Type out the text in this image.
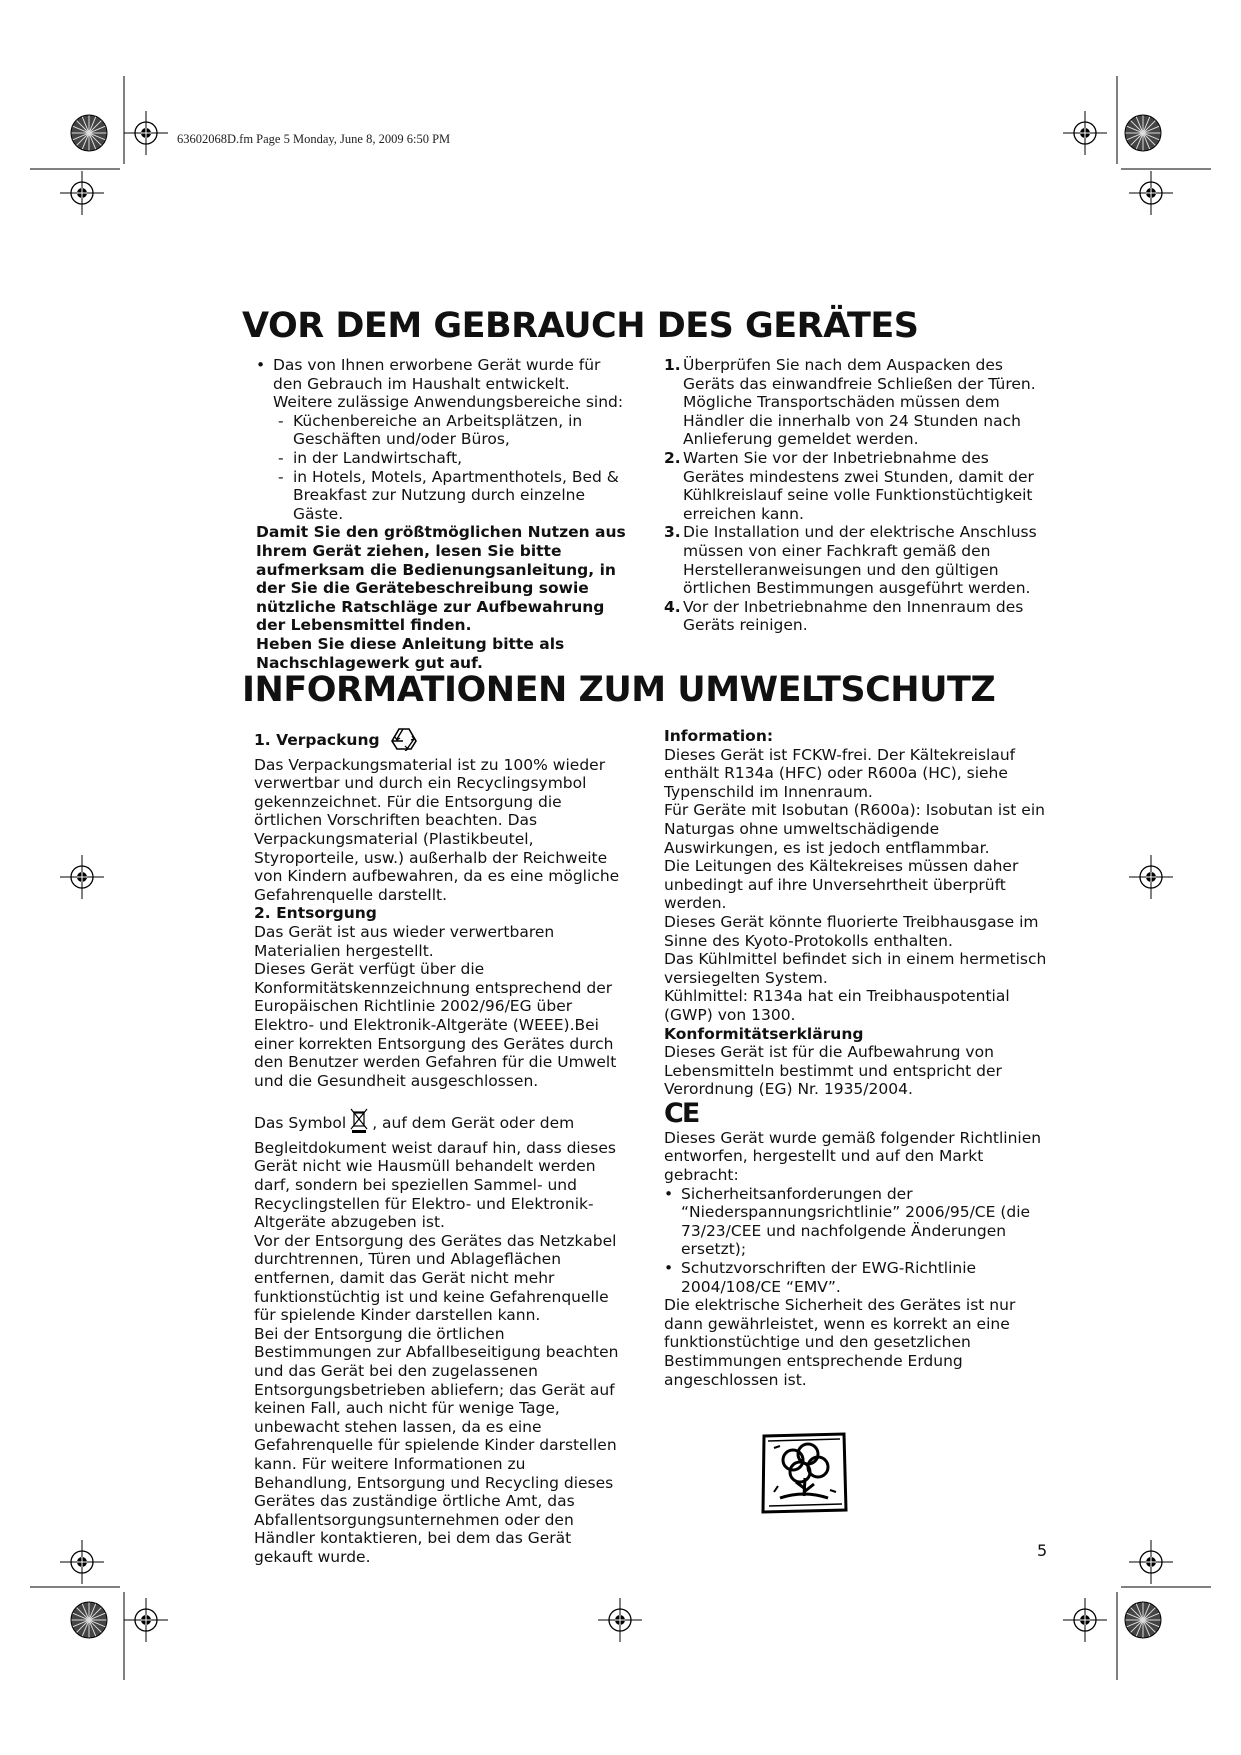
63602068D.fm Page 5 Monday, June 8, 2009 6:50 PM
VOR DEM GEBRAUCH DES GERÄTES

• Das von Ihnen erworbene Gerät wurde für den Gebrauch im Haushalt entwickelt. Weitere zulässige Anwendungsbereiche sind:

- Küchenbereiche an Arbeitsplätzen, in Geschäften und/oder Büros,

- in der Landwirtschaft,

- in Hotels, Motels, Apartmenthotels, Bed & Breakfast zur Nutzung durch einzelne Gäste.

Damit Sie den größtmöglichen Nutzen aus Ihrem Gerät ziehen, lesen Sie bitte aufmerksam die Bedienungsanleitung, in der Sie die Gerätebeschreibung sowie nützliche Ratschläge zur Aufbewahrung der Lebensmittel finden.

Heben Sie diese Anleitung bitte als Nachschlagewerk gut auf.

1. Überprüfen Sie nach dem Auspacken des Geräts das einwandfreie Schließen der Türen. Mögliche Transportschäden müssen dem Händler die innerhalb von 24 Stunden nach Anlieferung gemeldet werden.

2. Warten Sie vor der Inbetriebnahme des Gerätes mindestens zwei Stunden, damit der Kühlkreislauf seine volle Funktionstüchtigkeit erreichen kann.

3. Die Installation und der elektrische Anschluss müssen von einer Fachkraft gemäß den Herstelleranweisungen und den gültigen örtlichen Bestimmungen ausgeführt werden.

4. Vor der Inbetriebnahme den Innenraum des Geräts reinigen.

INFORMATIONEN ZUM UMWELTSCHUTZ

1. Verpackung

Das Verpackungsmaterial ist zu 100% wieder verwertbar und durch ein Recyclingsymbol gekennzeichnet. Für die Entsorgung die örtlichen Vorschriften beachten. Das Verpackungsmaterial (Plastikbeutel, Styroporteile, usw.) außerhalb der Reichweite von Kindern aufbewahren, da es eine mögliche Gefahrenquelle darstellt.

2. Entsorgung

Das Gerät ist aus wieder verwertbaren Materialien hergestellt.

Dieses Gerät verfügt über die Konformitätskennzeichnung entsprechend der Europäischen Richtlinie 2002/96/EG über Elektro- und Elektronik-Altgeräte (WEEE).Bei einer korrekten Entsorgung des Gerätes durch den Benutzer werden Gefahren für die Umwelt und die Gesundheit ausgeschlossen.

Das Symbol , auf dem Gerät oder dem Begleitdokument weist darauf hin, dass dieses Gerät nicht wie Hausmüll behandelt werden darf, sondern bei speziellen Sammel- und Recyclingstellen für Elektro- und Elektronik-Altgeräte abzugeben ist.

Vor der Entsorgung des Gerätes das Netzkabel durchtrennen, Türen und Ablageflächen entfernen, damit das Gerät nicht mehr funktionstüchtig ist und keine Gefahrenquelle für spielende Kinder darstellen kann.

Bei der Entsorgung die örtlichen Bestimmungen zur Abfallbeseitigung beachten und das Gerät bei den zugelassenen Entsorgungsbetrieben abliefern; das Gerät auf keinen Fall, auch nicht für wenige Tage, unbewacht stehen lassen, da es eine Gefahrenquelle für spielende Kinder darstellen kann. Für weitere Informationen zu Behandlung, Entsorgung und Recycling dieses Gerätes das zuständige örtliche Amt, das Abfallentsorgungsunternehmen oder den Händler kontaktieren, bei dem das Gerät gekauft wurde.

Information:

Dieses Gerät ist FCKW-frei. Der Kältekreislauf enthält R134a (HFC) oder R600a (HC), siehe Typenschild im Innenraum.

Für Geräte mit Isobutan (R600a): Isobutan ist ein Naturgas ohne umweltschädigende Auswirkungen, es ist jedoch entflammbar.

Die Leitungen des Kältekreises müssen daher unbedingt auf ihre Unversehrtheit überprüft werden.

Dieses Gerät könnte fluorierte Treibhausgase im Sinne des Kyoto-Protokolls enthalten.

Das Kühlmittel befindet sich in einem hermetisch versiegelten System.

Kühlmittel: R134a hat ein Treibhauspotential (GWP) von 1300.

Konformitätserklärung

Dieses Gerät ist für die Aufbewahrung von Lebensmitteln bestimmt und entspricht der Verordnung (EG) Nr. 1935/2004.

CE

Dieses Gerät wurde gemäß folgender Richtlinien entworfen, hergestellt und auf den Markt gebracht:

• Sicherheitsanforderungen der “Niederspannungsrichtlinie” 2006/95/CE (die 73/23/CEE und nachfolgende Änderungen ersetzt);

• Schutzvorschriften der EWG-Richtlinie 2004/108/CE “EMV”.

Die elektrische Sicherheit des Gerätes ist nur dann gewährleistet, wenn es korrekt an eine funktionstüchtige und den gesetzlichen Bestimmungen entsprechende Erdung angeschlossen ist.

5
